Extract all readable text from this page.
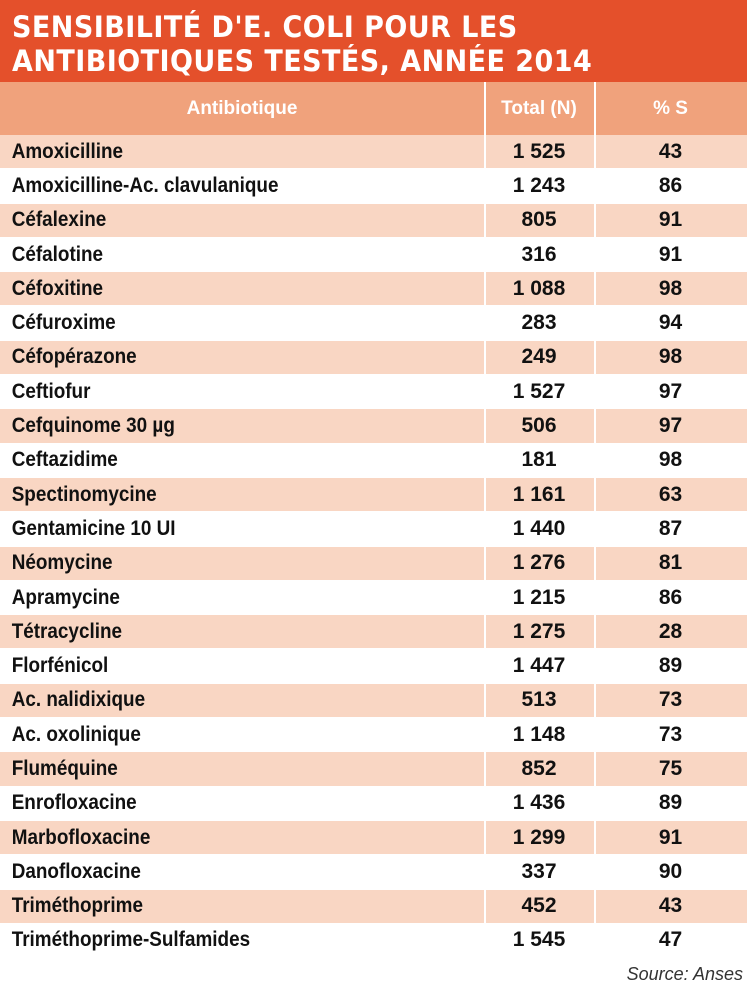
SENSIBILITÉ D'E. COLI POUR LES
ANTIBIOTIQUES TESTÉS, ANNÉE 2014
Antibiotique	Total (N)	% S
Amoxicilline	1 525	43
Amoxicilline-Ac. clavulanique	1 243	86
Céfalexine	805	91
Céfalotine	316	91
Céfoxitine	1 088	98
Céfuroxime	283	94
Céfopérazone	249	98
Ceftiofur	1 527	97
Cefquinome 30 µg	506	97
Ceftazidime	181	98
Spectinomycine	1 161	63
Gentamicine 10 UI	1 440	87
Néomycine	1 276	81
Apramycine	1 215	86
Tétracycline	1 275	28
Florfénicol	1 447	89
Ac. nalidixique	513	73
Ac. oxolinique	1 148	73
Fluméquine	852	75
Enrofloxacine	1 436	89
Marbofloxacine	1 299	91
Danofloxacine	337	90
Triméthoprime	452	43
Triméthoprime-Sulfamides	1 545	47
Source: Anses
